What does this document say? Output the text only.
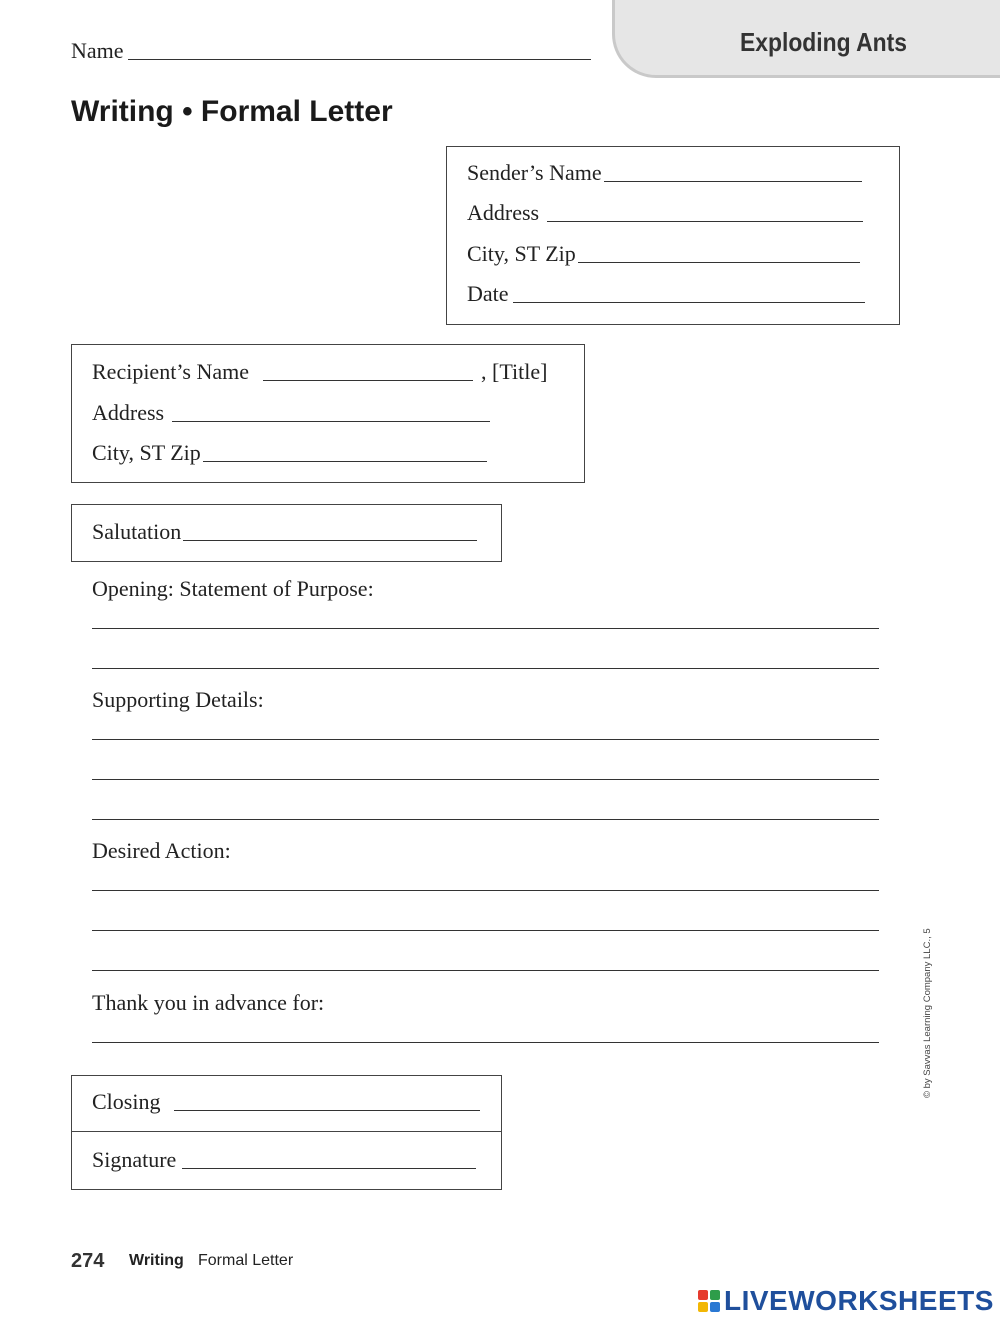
Exploding Ants
Name
Writing • Formal Letter
Sender’s Name
Address
City, ST Zip
Date
Recipient’s Name	, [Title]
Address
City, ST Zip
Salutation
Opening: Statement of Purpose:
Supporting Details:
Desired Action:
Thank you in advance for:
Closing
Signature
© by Savvas Learning Company LLC., 5
274 Writing Formal Letter
LIVEWORKSHEETS
